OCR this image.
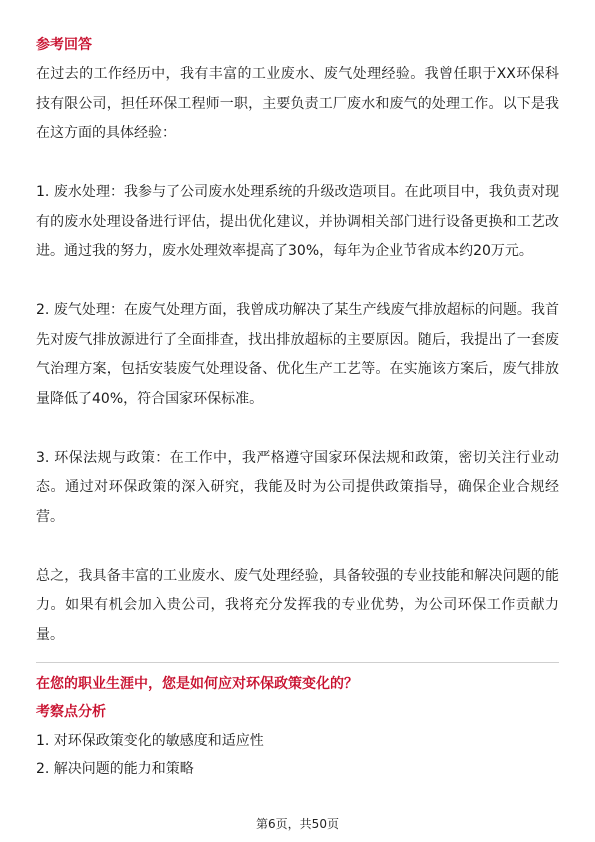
参考回答

在过去的工作经历中，我有丰富的工业废水、废气处理经验。我曾任职于XX环保科技有限公司，担任环保工程师一职，主要负责工厂废水和废气的处理工作。以下是我在这方面的具体经验：

1. 废水处理：我参与了公司废水处理系统的升级改造项目。在此项目中，我负责对现有的废水处理设备进行评估，提出优化建议，并协调相关部门进行设备更换和工艺改进。通过我的努力，废水处理效率提高了30%，每年为企业节省成本约20万元。

2. 废气处理：在废气处理方面，我曾成功解决了某生产线废气排放超标的问题。我首先对废气排放源进行了全面排查，找出排放超标的主要原因。随后，我提出了一套废气治理方案，包括安装废气处理设备、优化生产工艺等。在实施该方案后，废气排放量降低了40%，符合国家环保标准。

3. 环保法规与政策：在工作中，我严格遵守国家环保法规和政策，密切关注行业动态。通过对环保政策的深入研究，我能及时为公司提供政策指导，确保企业合规经营。

总之，我具备丰富的工业废水、废气处理经验，具备较强的专业技能和解决问题的能力。如果有机会加入贵公司，我将充分发挥我的专业优势，为公司环保工作贡献力量。

在您的职业生涯中，您是如何应对环保政策变化的？
考察点分析

1. 对环保政策变化的敏感度和适应性

2. 解决问题的能力和策略

第6页，共50页
